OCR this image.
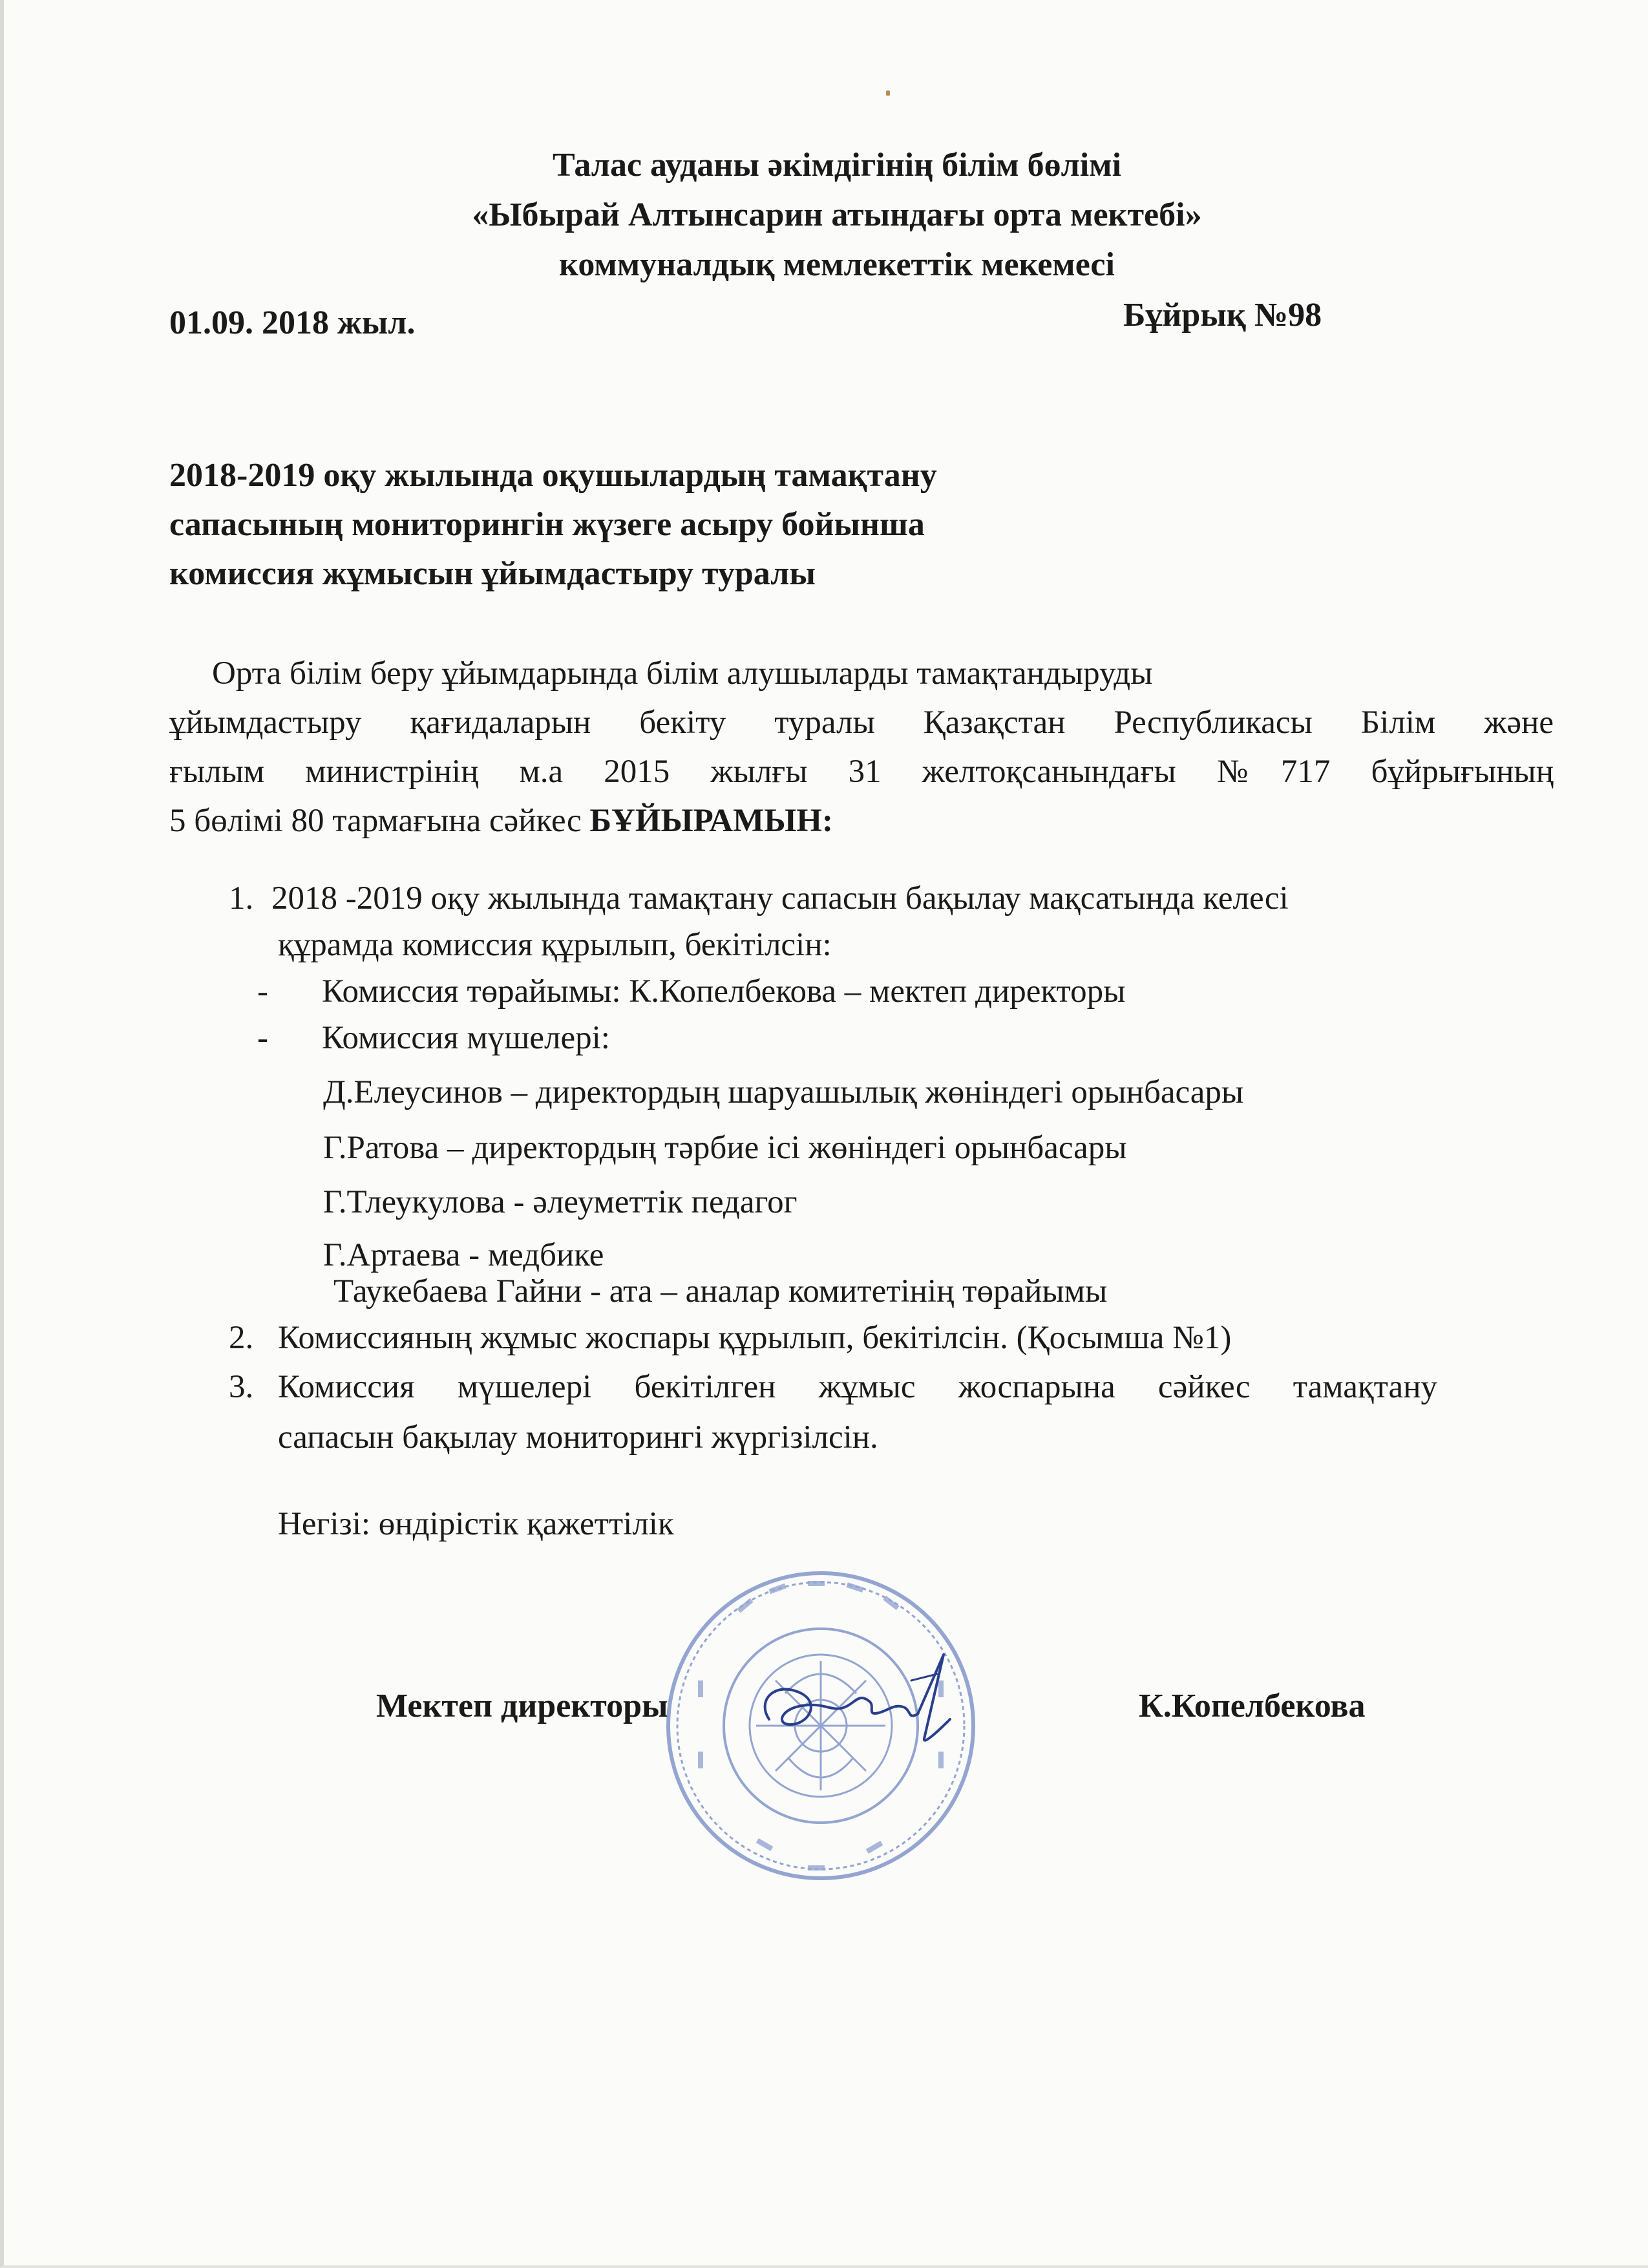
Талас ауданы әкімдігінің білім бөлімі
«Ыбырай Алтынсарин атындағы орта мектебі»
коммуналдық мемлекеттік мекемесі
01.09. 2018 жыл.	Бұйрық №98
2018-2019 оқу жылында оқушылардың тамақтану
сапасының мониторингін жүзеге асыру бойынша
комиссия жұмысын ұйымдастыру туралы
Орта білім беру ұйымдарында білім алушыларды тамақтандыруды
ұйымдастыру қағидаларын бекіту туралы Қазақстан Республикасы Білім және
ғылым министрінің м.а 2015 жылғы 31 желтоқсанындағы №717 бұйрығының
5 бөлімі 80 тармағына сәйкес БҰЙЫРАМЫН:
1. 2018 -2019 оқу жылында тамақтану сапасын бақылау мақсатында келесі
құрамда комиссия құрылып, бекітілсін:
- Комиссия төрайымы: К.Копелбекова – мектеп директоры
- Комиссия мүшелері:
Д.Елеусинов – директордың шаруашылық жөніндегі орынбасары
Г.Ратова – директордың тәрбие ісі жөніндегі орынбасары
Г.Тлеукулова - әлеуметтік педагог
Г.Артаева - медбике
Таукебаева Гайни - ата – аналар комитетінің төрайымы
2. Комиссияның жұмыс жоспары құрылып, бекітілсін. (Қосымша №1)
3. Комиссия мүшелері бекітілген жұмыс жоспарына сәйкес тамақтану
сапасын бақылау мониторингі жүргізілсін.
Негізі: өндірістік қажеттілік
Мектеп директоры	К.Копелбекова
